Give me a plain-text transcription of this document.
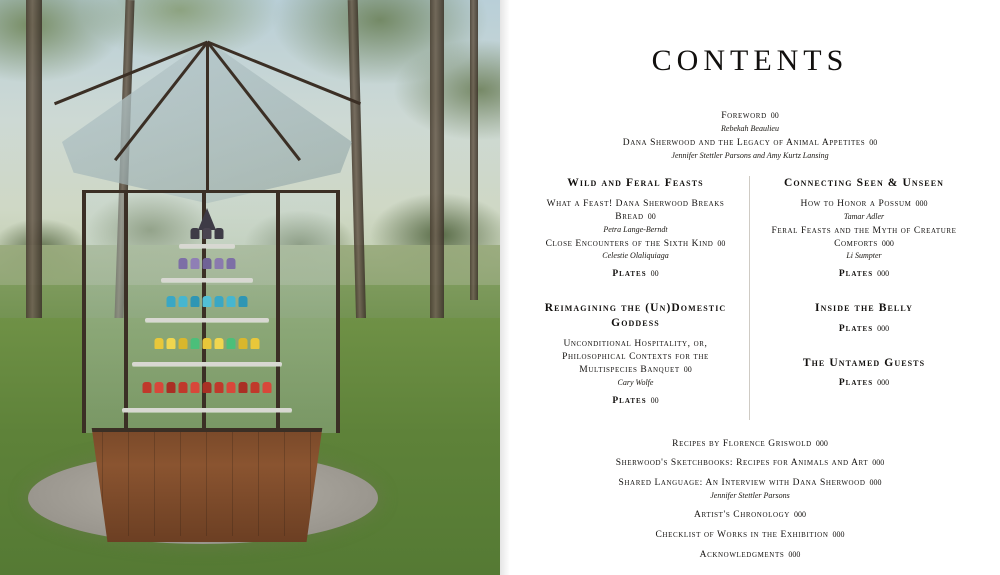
CONTENTS
Foreword 00
Rebekah Beaulieu
Dana Sherwood and the Legacy of Animal Appetites 00
Jennifer Stettler Parsons and Amy Kurtz Lansing
Wild and Feral Feasts
What a Feast! Dana Sherwood Breaks Bread 00
Petra Lange-Berndt
Close Encounters of the Sixth Kind 00
Celestie Olaliquiaga
Plates 00
Reimagining the (Un)Domestic Goddess
Unconditional Hospitality, or, Philosophical Contexts for the Multispecies Banquet 00
Cary Wolfe
Plates 00
Connecting Seen & Unseen
How to Honor a Possum 000
Tamar Adler
Feral Feasts and the Myth of Creature Comforts 000
Li Sumpter
Plates 000
Inside the Belly
Plates 000
The Untamed Guests
Plates 000
Recipes by Florence Griswold 000
Sherwood's Sketchbooks: Recipes for Animals and Art 000
Shared Language: An Interview with Dana Sherwood 000
Jennifer Stettler Parsons
Artist's Chronology 000
Checklist of Works in the Exhibition 000
Acknowledgments 000
